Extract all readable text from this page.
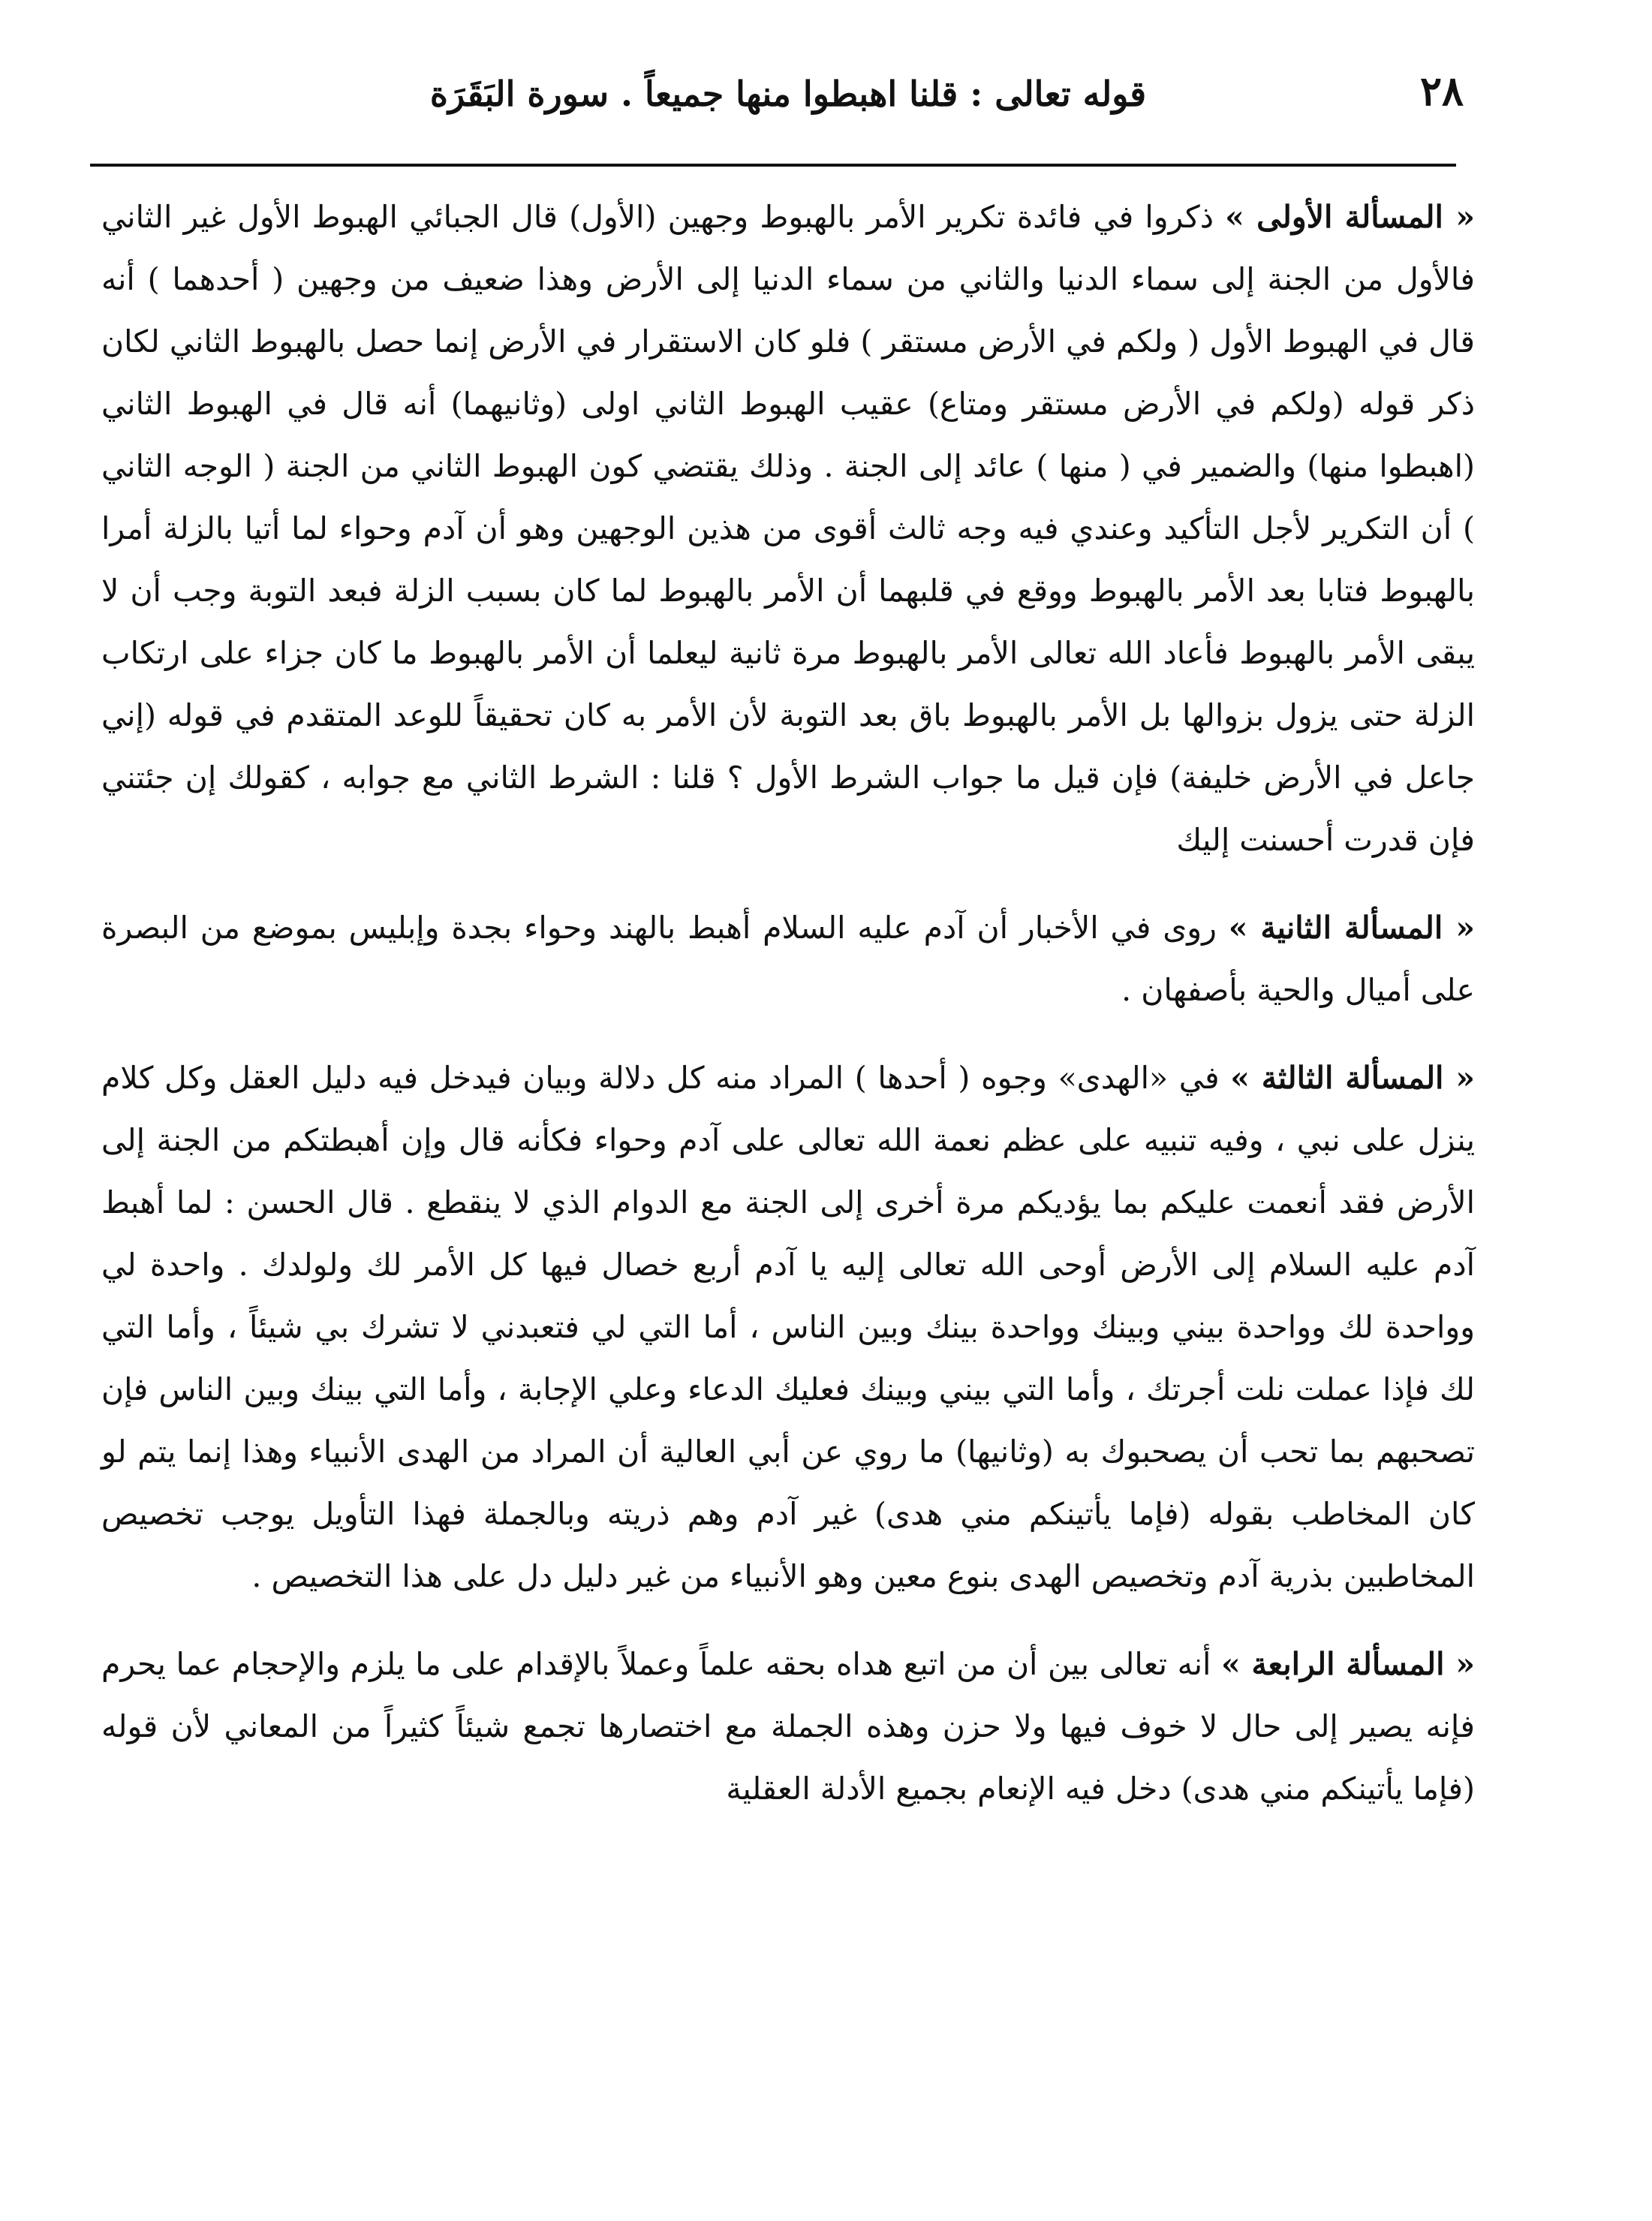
٢٨
قوله تعالى : قلنا اهبطوا منها جميعاً . سورة البَقَرَة

« المسألة الأولى » ذكروا في فائدة تكرير الأمر بالهبوط وجهين (الأول) قال الجبائي الهبوط الأول غير الثاني فالأول من الجنة إلى سماء الدنيا والثاني من سماء الدنيا إلى الأرض وهذا ضعيف من وجهين ( أحدهما ) أنه قال في الهبوط الأول ( ولكم في الأرض مستقر ) فلو كان الاستقرار في الأرض إنما حصل بالهبوط الثاني لكان ذكر قوله (ولكم في الأرض مستقر ومتاع) عقيب الهبوط الثاني اولى (وثانيهما) أنه قال في الهبوط الثاني (اهبطوا منها) والضمير في ( منها ) عائد إلى الجنة . وذلك يقتضي كون الهبوط الثاني من الجنة ( الوجه الثاني ) أن التكرير لأجل التأكيد وعندي فيه وجه ثالث أقوى من هذين الوجهين وهو أن آدم وحواء لما أتيا بالزلة أمرا بالهبوط فتابا بعد الأمر بالهبوط ووقع في قلبهما أن الأمر بالهبوط لما كان بسبب الزلة فبعد التوبة وجب أن لا يبقى الأمر بالهبوط فأعاد الله تعالى الأمر بالهبوط مرة ثانية ليعلما أن الأمر بالهبوط ما كان جزاء على ارتكاب الزلة حتى يزول بزوالها بل الأمر بالهبوط باق بعد التوبة لأن الأمر به كان تحقيقاً للوعد المتقدم في قوله (إني جاعل في الأرض خليفة) فإن قيل ما جواب الشرط الأول ؟ قلنا : الشرط الثاني مع جوابه ، كقولك إن جئتني فإن قدرت أحسنت إليك

« المسألة الثانية » روى في الأخبار أن آدم عليه السلام أهبط بالهند وحواء بجدة وإبليس بموضع من البصرة على أميال والحية بأصفهان .

« المسألة الثالثة » في «الهدى» وجوه ( أحدها ) المراد منه كل دلالة وبيان فيدخل فيه دليل العقل وكل كلام ينزل على نبي ، وفيه تنبيه على عظم نعمة الله تعالى على آدم وحواء فكأنه قال وإن أهبطتكم من الجنة إلى الأرض فقد أنعمت عليكم بما يؤديكم مرة أخرى إلى الجنة مع الدوام الذي لا ينقطع . قال الحسن : لما أهبط آدم عليه السلام إلى الأرض أوحى الله تعالى إليه يا آدم أربع خصال فيها كل الأمر لك ولولدك . واحدة لي وواحدة لك وواحدة بيني وبينك وواحدة بينك وبين الناس ، أما التي لي فتعبدني لا تشرك بي شيئاً ، وأما التي لك فإذا عملت نلت أجرتك ، وأما التي بيني وبينك فعليك الدعاء وعلي الإجابة ، وأما التي بينك وبين الناس فإن تصحبهم بما تحب أن يصحبوك به (وثانيها) ما روي عن أبي العالية أن المراد من الهدى الأنبياء وهذا إنما يتم لو كان المخاطب بقوله (فإما يأتينكم مني هدى) غير آدم وهم ذريته وبالجملة فهذا التأويل يوجب تخصيص المخاطبين بذرية آدم وتخصيص الهدى بنوع معين وهو الأنبياء من غير دليل دل على هذا التخصيص .

« المسألة الرابعة » أنه تعالى بين أن من اتبع هداه بحقه علماً وعملاً بالإقدام على ما يلزم والإحجام عما يحرم فإنه يصير إلى حال لا خوف فيها ولا حزن وهذه الجملة مع اختصارها تجمع شيئاً كثيراً من المعاني لأن قوله (فإما يأتينكم مني هدى) دخل فيه الإنعام بجميع الأدلة العقلية
